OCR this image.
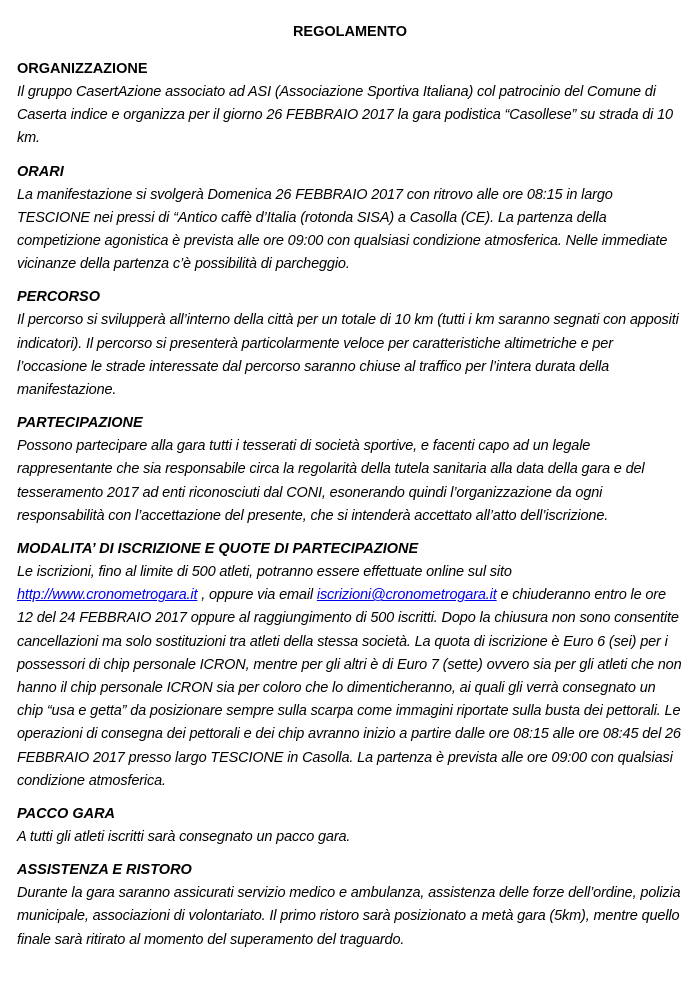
REGOLAMENTO
ORGANIZZAZIONE

Il gruppo CasertAzione associato ad ASI (Associazione Sportiva Italiana) col patrocinio del Comune di Caserta indice e organizza per il giorno 26 FEBBRAIO 2017 la gara podistica “Casollese” su strada di 10 km.

ORARI

La manifestazione si svolgerà Domenica 26 FEBBRAIO 2017 con ritrovo alle ore 08:15 in largo TESCIONE nei pressi di “Antico caffè d’Italia (rotonda SISA) a Casolla (CE). La partenza della competizione agonistica è prevista alle ore 09:00 con qualsiasi condizione atmosferica. Nelle immediate vicinanze della partenza c’è possibilità di parcheggio.

PERCORSO

Il percorso si svilupperà all’interno della città per un totale di 10 km (tutti i km saranno segnati con appositi indicatori). Il percorso si presenterà particolarmente veloce per caratteristiche altimetriche e per l’occasione le strade interessate dal percorso saranno chiuse al traffico per l’intera durata della manifestazione.

PARTECIPAZIONE

Possono partecipare alla gara tutti i tesserati di società sportive, e facenti capo ad un legale rappresentante che sia responsabile circa la regolarità della tutela sanitaria alla data della gara e del tesseramento 2017 ad enti riconosciuti dal CONI, esonerando quindi l’organizzazione da ogni responsabilità con l’accettazione del presente, che si intenderà accettato all’atto dell’iscrizione.

MODALITA’ DI ISCRIZIONE E QUOTE DI PARTECIPAZIONE

Le iscrizioni, fino al limite di 500 atleti, potranno essere effettuate online sul sito http://www.cronometrogara.it , oppure via email iscrizioni@cronometrogara.it e chiuderanno entro le ore 12 del 24 FEBBRAIO 2017 oppure al raggiungimento di 500 iscritti. Dopo la chiusura non sono consentite cancellazioni ma solo sostituzioni tra atleti della stessa società. La quota di iscrizione è Euro 6 (sei) per i possessori di chip personale ICRON, mentre per gli altri è di Euro 7 (sette) ovvero sia per gli atleti che non hanno il chip personale ICRON sia per coloro che lo dimenticheranno, ai quali gli verrà consegnato un chip “usa e getta” da posizionare sempre sulla scarpa come immagini riportate sulla busta dei pettorali. Le operazioni di consegna dei pettorali e dei chip avranno inizio a partire dalle ore 08:15 alle ore 08:45 del 26 FEBBRAIO 2017 presso largo TESCIONE in Casolla. La partenza è prevista alle ore 09:00 con qualsiasi condizione atmosferica.

PACCO GARA

A tutti gli atleti iscritti sarà consegnato un pacco gara.

ASSISTENZA E RISTORO

Durante la gara saranno assicurati servizio medico e ambulanza, assistenza delle forze dell’ordine, polizia municipale, associazioni di volontariato. Il primo ristoro sarà posizionato a metà gara (5km), mentre quello finale sarà ritirato al momento del superamento del traguardo.
